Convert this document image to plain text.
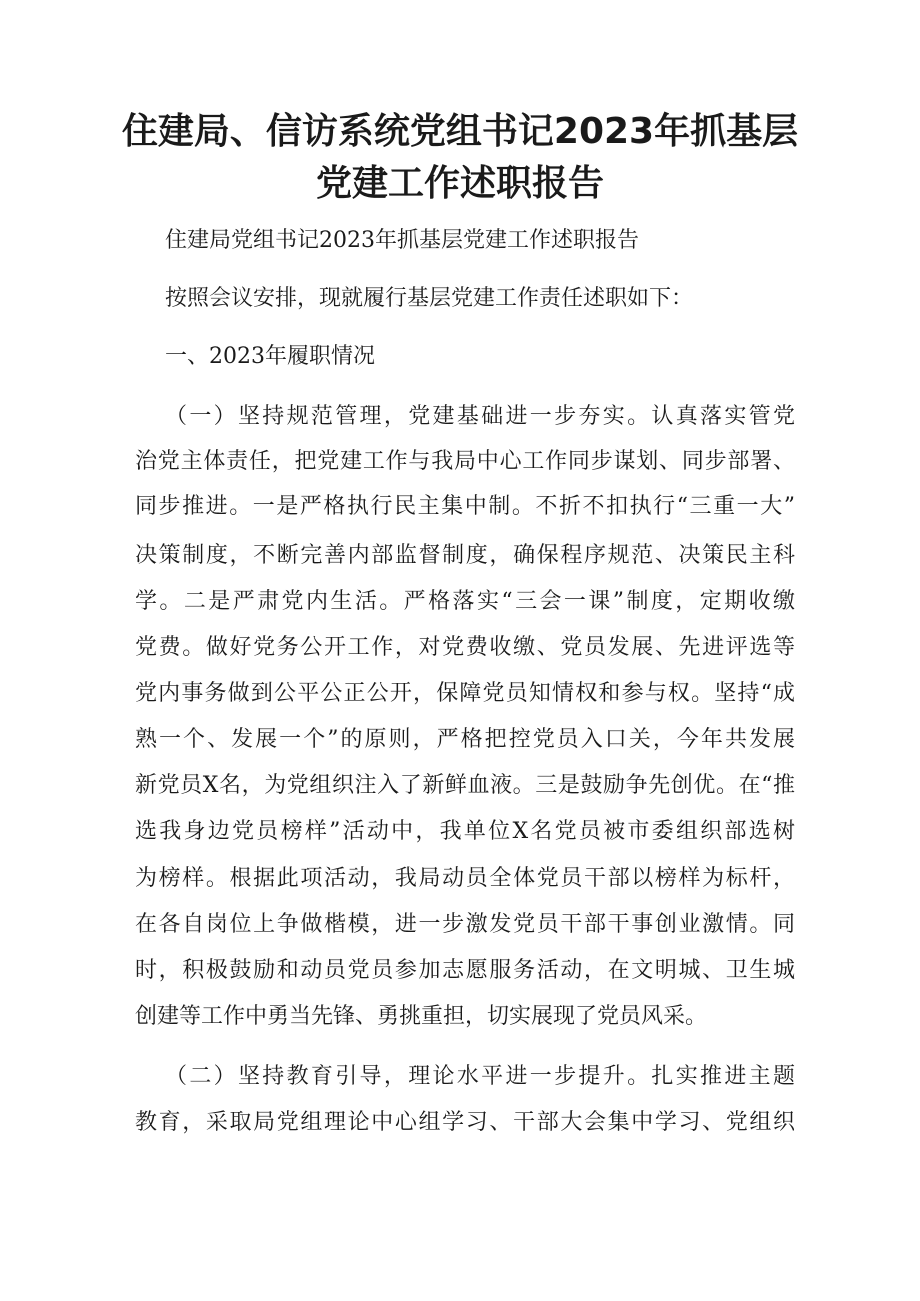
住建局、信访系统党组书记2023年抓基层
党建工作述职报告

住建局党组书记2023年抓基层党建工作述职报告

按照会议安排，现就履行基层党建工作责任述职如下：

一、2023年履职情况

（一）坚持规范管理，党建基础进一步夯实。认真落实管党

治党主体责任，把党建工作与我局中心工作同步谋划、同步部署、

同步推进。一是严格执行民主集中制。不折不扣执行“三重一大”

决策制度，不断完善内部监督制度，确保程序规范、决策民主科

学。二是严肃党内生活。严格落实“三会一课”制度，定期收缴

党费。做好党务公开工作，对党费收缴、党员发展、先进评选等

党内事务做到公平公正公开，保障党员知情权和参与权。坚持“成

熟一个、发展一个”的原则，严格把控党员入口关，今年共发展

新党员X名，为党组织注入了新鲜血液。三是鼓励争先创优。在“推

选我身边党员榜样”活动中，我单位X名党员被市委组织部选树

为榜样。根据此项活动，我局动员全体党员干部以榜样为标杆，

在各自岗位上争做楷模，进一步激发党员干部干事创业激情。同

时，积极鼓励和动员党员参加志愿服务活动，在文明城、卫生城

创建等工作中勇当先锋、勇挑重担，切实展现了党员风采。

（二）坚持教育引导，理论水平进一步提升。扎实推进主题

教育，采取局党组理论中心组学习、干部大会集中学习、党组织
